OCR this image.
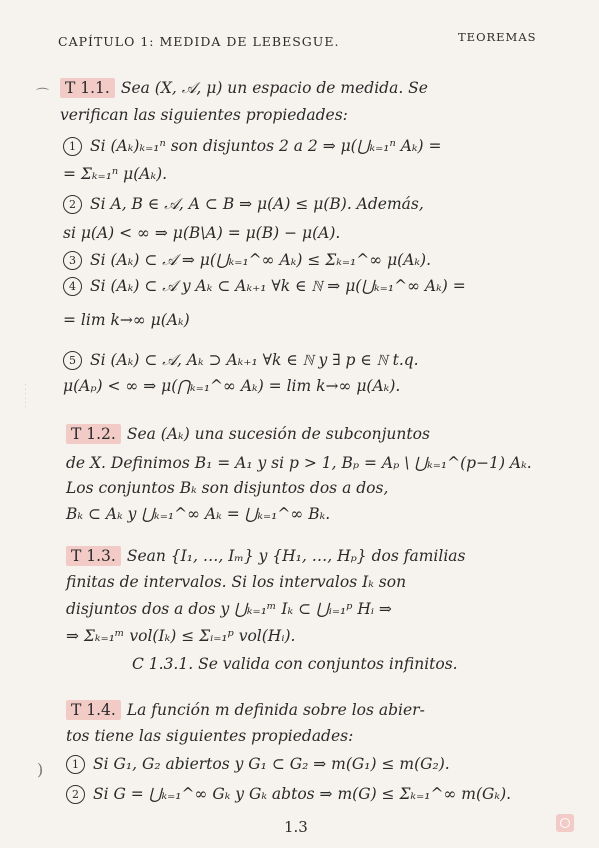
CAPÍTULO 1: MEDIDA DE LEBESGUE.	TEOREMAS
⌒
)
· · · · · ·
T 1.1. Sea (X, 𝒜, μ) un espacio de medida. Se
verifican las siguientes propiedades:
1 Si (Aₖ)ₖ₌₁ⁿ son disjuntos 2 a 2 ⇒ μ(⋃ₖ₌₁ⁿ Aₖ) =
= Σₖ₌₁ⁿ μ(Aₖ).
2 Si A, B ∈ 𝒜, A ⊂ B ⇒ μ(A) ≤ μ(B). Además,
si μ(A) < ∞ ⇒ μ(B\A) = μ(B) − μ(A).
3 Si (Aₖ) ⊂ 𝒜 ⇒ μ(⋃ₖ₌₁^∞ Aₖ) ≤ Σₖ₌₁^∞ μ(Aₖ).
4 Si (Aₖ) ⊂ 𝒜 y Aₖ ⊂ Aₖ₊₁ ∀k ∈ ℕ ⇒ μ(⋃ₖ₌₁^∞ Aₖ) =
= lim k→∞ μ(Aₖ)
5 Si (Aₖ) ⊂ 𝒜, Aₖ ⊃ Aₖ₊₁ ∀k ∈ ℕ y ∃ p ∈ ℕ t.q.
μ(Aₚ) < ∞ ⇒ μ(⋂ₖ₌₁^∞ Aₖ) = lim k→∞ μ(Aₖ).
T 1.2. Sea (Aₖ) una sucesión de subconjuntos
de X. Definimos B₁ = A₁ y si p > 1, Bₚ = Aₚ \ ⋃ₖ₌₁^(p−1) Aₖ.
Los conjuntos Bₖ son disjuntos dos a dos,
Bₖ ⊂ Aₖ y ⋃ₖ₌₁^∞ Aₖ = ⋃ₖ₌₁^∞ Bₖ.
T 1.3. Sean {I₁, …, Iₘ} y {H₁, …, Hₚ} dos familias
finitas de intervalos. Si los intervalos Iₖ son
disjuntos dos a dos y ⋃ₖ₌₁ᵐ Iₖ ⊂ ⋃ᵢ₌₁ᵖ Hᵢ ⇒
⇒ Σₖ₌₁ᵐ vol(Iₖ) ≤ Σᵢ₌₁ᵖ vol(Hᵢ).
C 1.3.1. Se valida con conjuntos infinitos.
T 1.4. La función m definida sobre los abier-
tos tiene las siguientes propiedades:
1 Si G₁, G₂ abiertos y G₁ ⊂ G₂ ⇒ m(G₁) ≤ m(G₂).
2 Si G = ⋃ₖ₌₁^∞ Gₖ y Gₖ abtos ⇒ m(G) ≤ Σₖ₌₁^∞ m(Gₖ).
1.3
